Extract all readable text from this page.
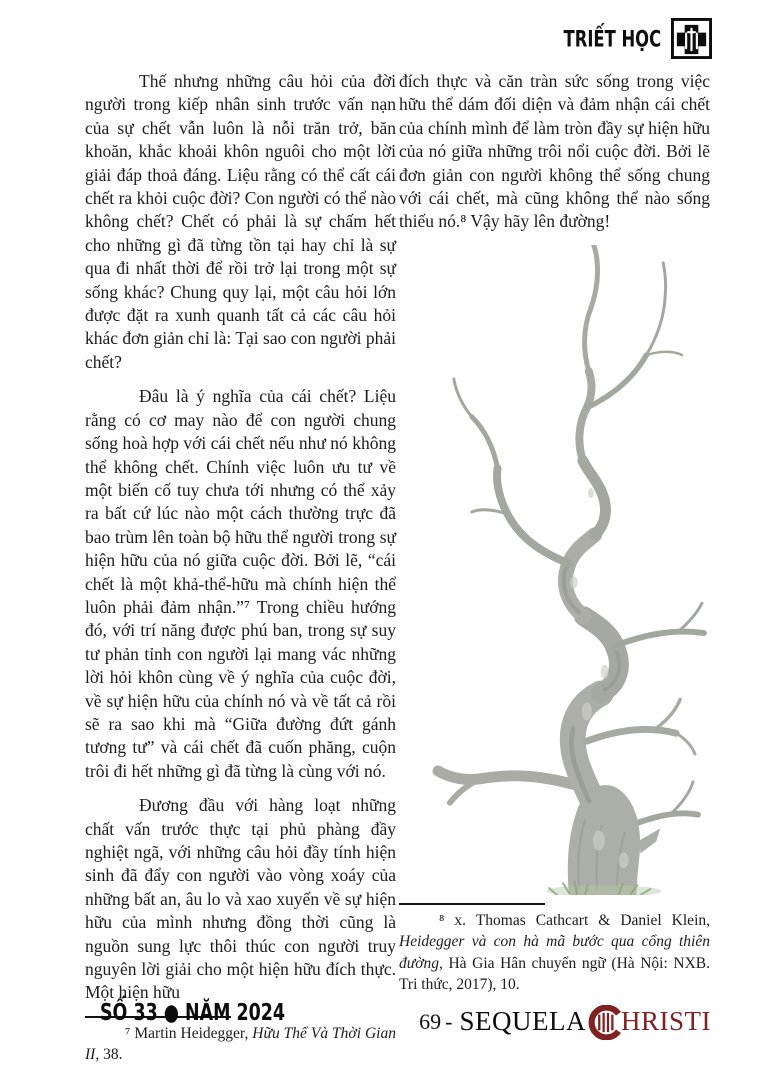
TRIẾT HỌC

Thế nhưng những câu hỏi của đời người trong kiếp nhân sinh trước vấn nạn của sự chết vẫn luôn là nỗi trăn trở, băn khoăn, khắc khoải khôn nguôi cho một lời giải đáp thoả đáng. Liệu rằng có thể cất cái chết ra khỏi cuộc đời? Con người có thể nào không chết? Chết có phải là sự chấm hết cho những gì đã từng tồn tại hay chỉ là sự qua đi nhất thời để rồi trở lại trong một sự sống khác? Chung quy lại, một câu hỏi lớn được đặt ra xunh quanh tất cả các câu hỏi khác đơn giản chỉ là: Tại sao con người phải chết?

Đâu là ý nghĩa của cái chết? Liệu rằng có cơ may nào để con người chung sống hoà hợp với cái chết nếu như nó không thể không chết. Chính việc luôn ưu tư về một biến cố tuy chưa tới nhưng có thể xảy ra bất cứ lúc nào một cách thường trực đã bao trùm lên toàn bộ hữu thể người trong sự hiện hữu của nó giữa cuộc đời. Bởi lẽ, “cái chết là một khả-thể-hữu mà chính hiện thể luôn phải đảm nhận.”⁷ Trong chiều hướng đó, với trí năng được phú ban, trong sự suy tư phản tỉnh con người lại mang vác những lời hỏi khôn cùng về ý nghĩa của cuộc đời, về sự hiện hữu của chính nó và về tất cả rồi sẽ ra sao khi mà “Giữa đường đứt gánh tương tư” và cái chết đã cuốn phăng, cuộn trôi đi hết những gì đã từng là cùng với nó.

Đương đầu với hàng loạt những chất vấn trước thực tại phủ phàng đầy nghiệt ngã, với những câu hỏi đầy tính hiện sinh đã đẩy con người vào vòng xoáy của những bất an, âu lo và xao xuyến về sự hiện hữu của mình nhưng đồng thời cũng là nguồn sung lực thôi thúc con người truy nguyên lời giải cho một hiện hữu đích thực. Một hiện hữu

⁷ Martin Heidegger, Hữu Thể Và Thời Gian II, 38.

đích thực và căn tràn sức sống trong việc hữu thể dám đối diện và đảm nhận cái chết của chính mình để làm tròn đầy sự hiện hữu của nó giữa những trôi nổi cuộc đời. Bởi lẽ đơn giản con người không thể sống chung với cái chết, mà cũng không thể nào sống thiếu nó.⁸ Vậy hãy lên đường!

⁸ x. Thomas Cathcart & Daniel Klein, Heidegger và con hà mã bước qua cổng thiên đường, Hà Gia Hân chuyển ngữ (Hà Nội: NXB. Tri thức, 2017), 10.
SỐ 33 ● NĂM 2024	69 - SEQUELA HRISTI
